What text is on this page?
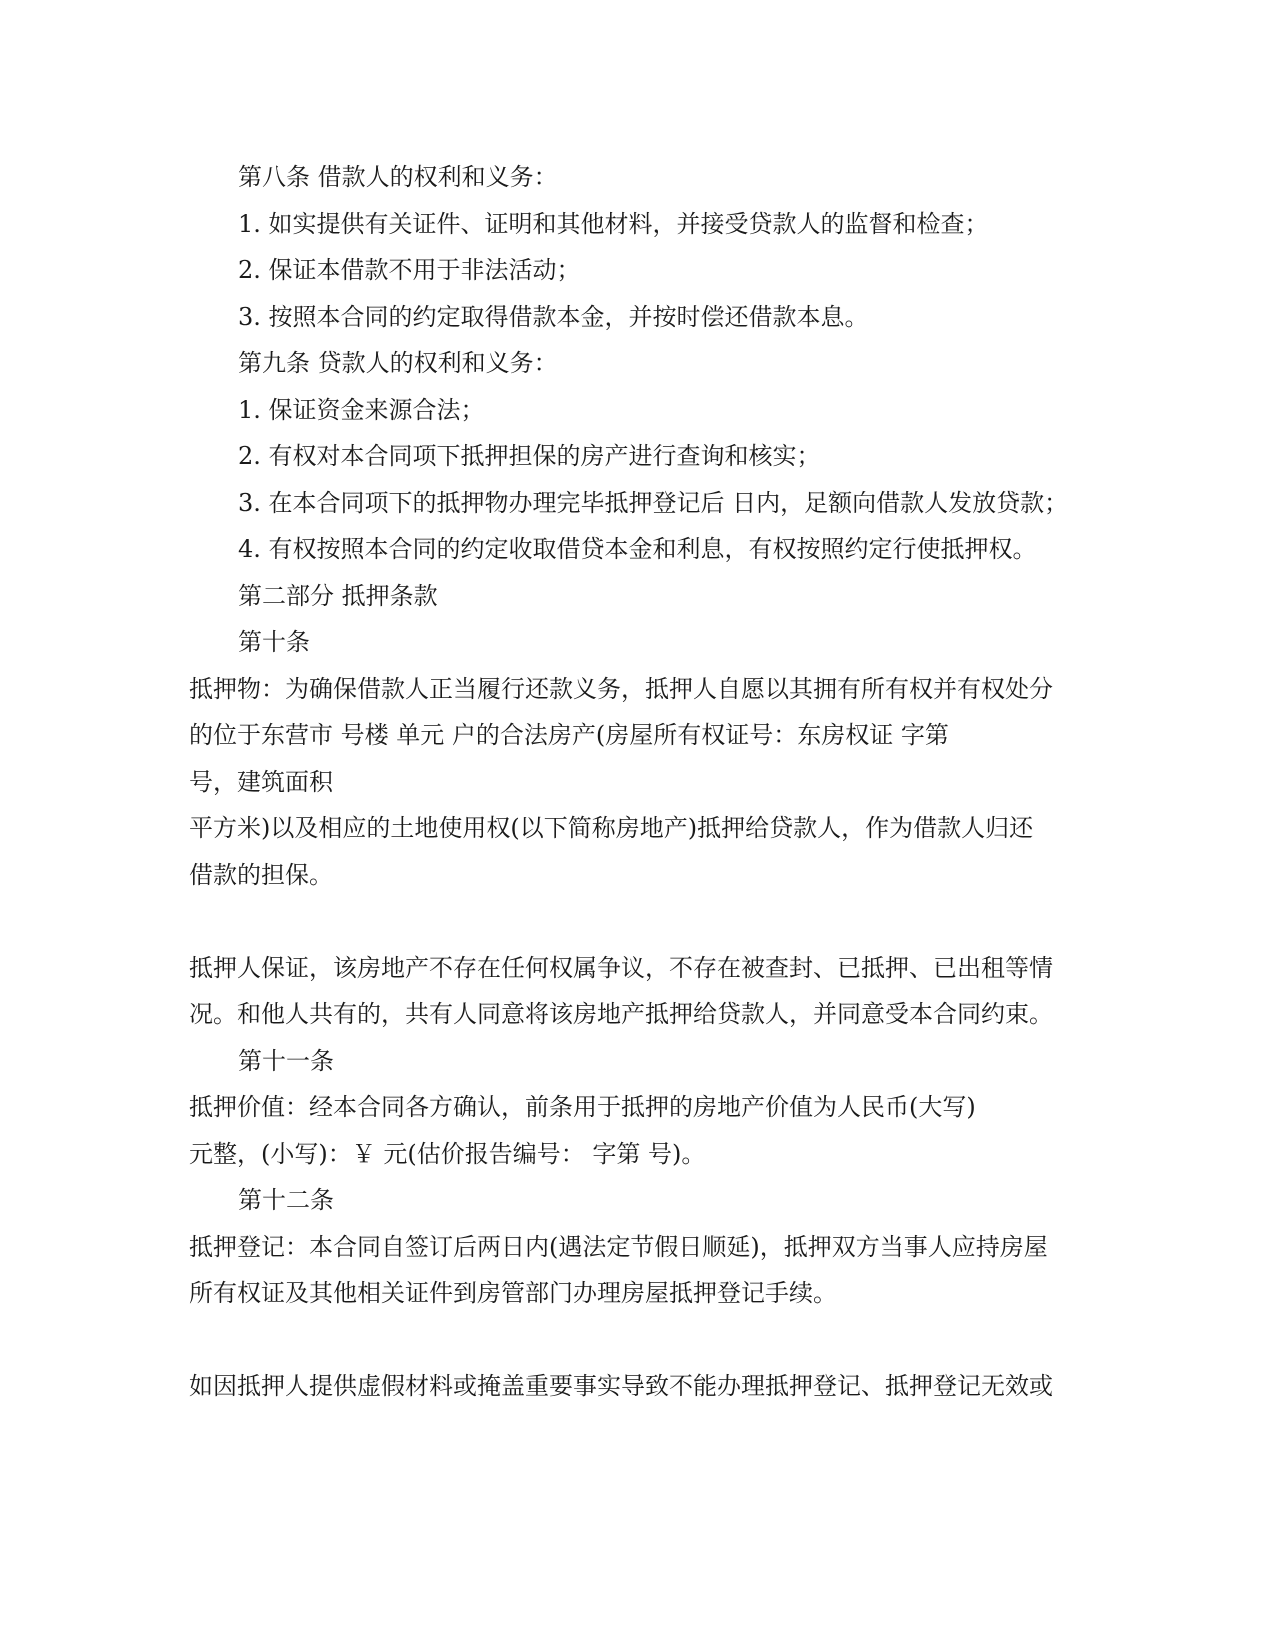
第八条 借款人的权利和义务：
1. 如实提供有关证件、证明和其他材料，并接受贷款人的监督和检查；
2. 保证本借款不用于非法活动；
3. 按照本合同的约定取得借款本金，并按时偿还借款本息。
第九条 贷款人的权利和义务：
1. 保证资金来源合法；
2. 有权对本合同项下抵押担保的房产进行查询和核实；
3. 在本合同项下的抵押物办理完毕抵押登记后 日内，足额向借款人发放贷款；
4. 有权按照本合同的约定收取借贷本金和利息，有权按照约定行使抵押权。
第二部分 抵押条款
第十条
抵押物：为确保借款人正当履行还款义务，抵押人自愿以其拥有所有权并有权处分
的位于东营市 号楼 单元 户的合法房产(房屋所有权证号：东房权证 字第
号，建筑面积
平方米)以及相应的土地使用权(以下简称房地产)抵押给贷款人，作为借款人归还
借款的担保。
抵押人保证，该房地产不存在任何权属争议，不存在被查封、已抵押、已出租等情
况。和他人共有的，共有人同意将该房地产抵押给贷款人，并同意受本合同约束。
第十一条
抵押价值：经本合同各方确认，前条用于抵押的房地产价值为人民币(大写)
元整，(小写)：￥ 元(估价报告编号： 字第 号)。
第十二条
抵押登记：本合同自签订后两日内(遇法定节假日顺延)，抵押双方当事人应持房屋
所有权证及其他相关证件到房管部门办理房屋抵押登记手续。
如因抵押人提供虚假材料或掩盖重要事实导致不能办理抵押登记、抵押登记无效或
